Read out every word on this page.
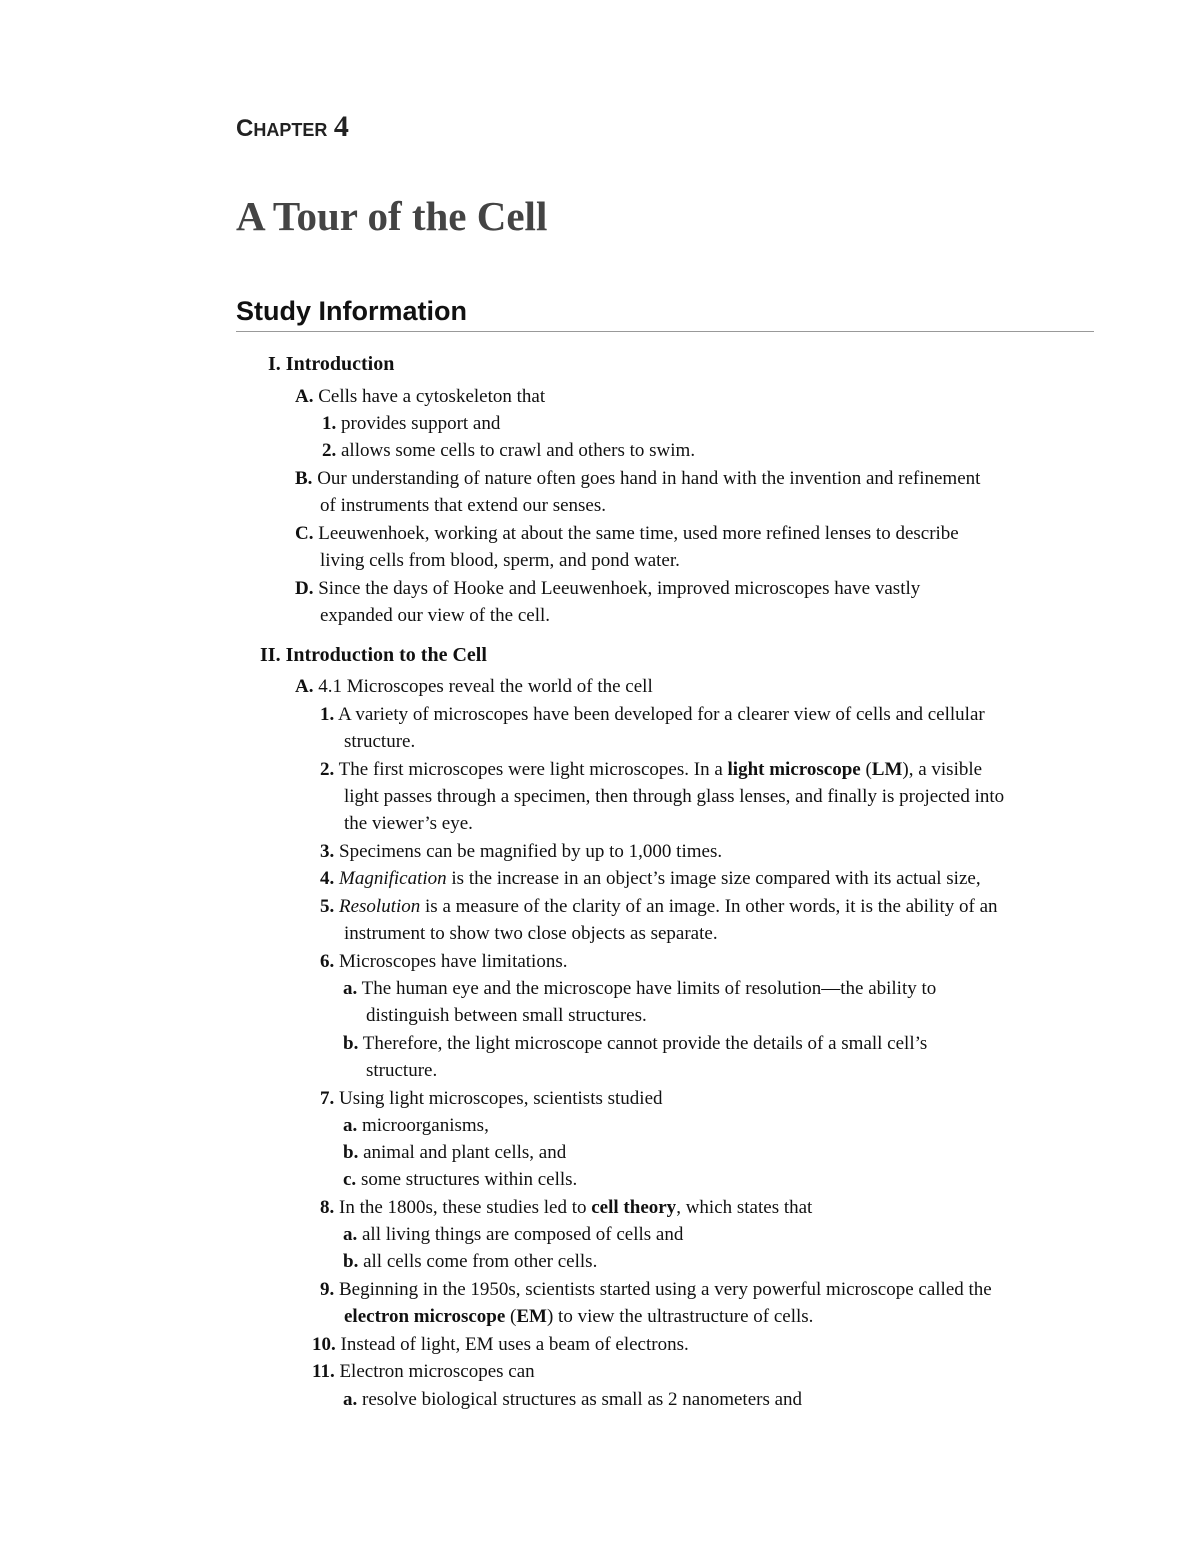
CHAPTER 4
A Tour of the Cell
Study Information
I. Introduction
A. Cells have a cytoskeleton that
1. provides support and
2. allows some cells to crawl and others to swim.
B. Our understanding of nature often goes hand in hand with the invention and refinement
of instruments that extend our senses.
C. Leeuwenhoek, working at about the same time, used more refined lenses to describe
living cells from blood, sperm, and pond water.
D. Since the days of Hooke and Leeuwenhoek, improved microscopes have vastly
expanded our view of the cell.
II. Introduction to the Cell
A. 4.1 Microscopes reveal the world of the cell
1. A variety of microscopes have been developed for a clearer view of cells and cellular
structure.
2. The first microscopes were light microscopes. In a light microscope (LM), a visible
light passes through a specimen, then through glass lenses, and finally is projected into
the viewer’s eye.
3. Specimens can be magnified by up to 1,000 times.
4. Magnification is the increase in an object’s image size compared with its actual size,
5. Resolution is a measure of the clarity of an image. In other words, it is the ability of an
instrument to show two close objects as separate.
6. Microscopes have limitations.
a. The human eye and the microscope have limits of resolution—the ability to
distinguish between small structures.
b. Therefore, the light microscope cannot provide the details of a small cell’s
structure.
7. Using light microscopes, scientists studied
a. microorganisms,
b. animal and plant cells, and
c. some structures within cells.
8. In the 1800s, these studies led to cell theory, which states that
a. all living things are composed of cells and
b. all cells come from other cells.
9. Beginning in the 1950s, scientists started using a very powerful microscope called the
electron microscope (EM) to view the ultrastructure of cells.
10. Instead of light, EM uses a beam of electrons.
11. Electron microscopes can
a. resolve biological structures as small as 2 nanometers and
